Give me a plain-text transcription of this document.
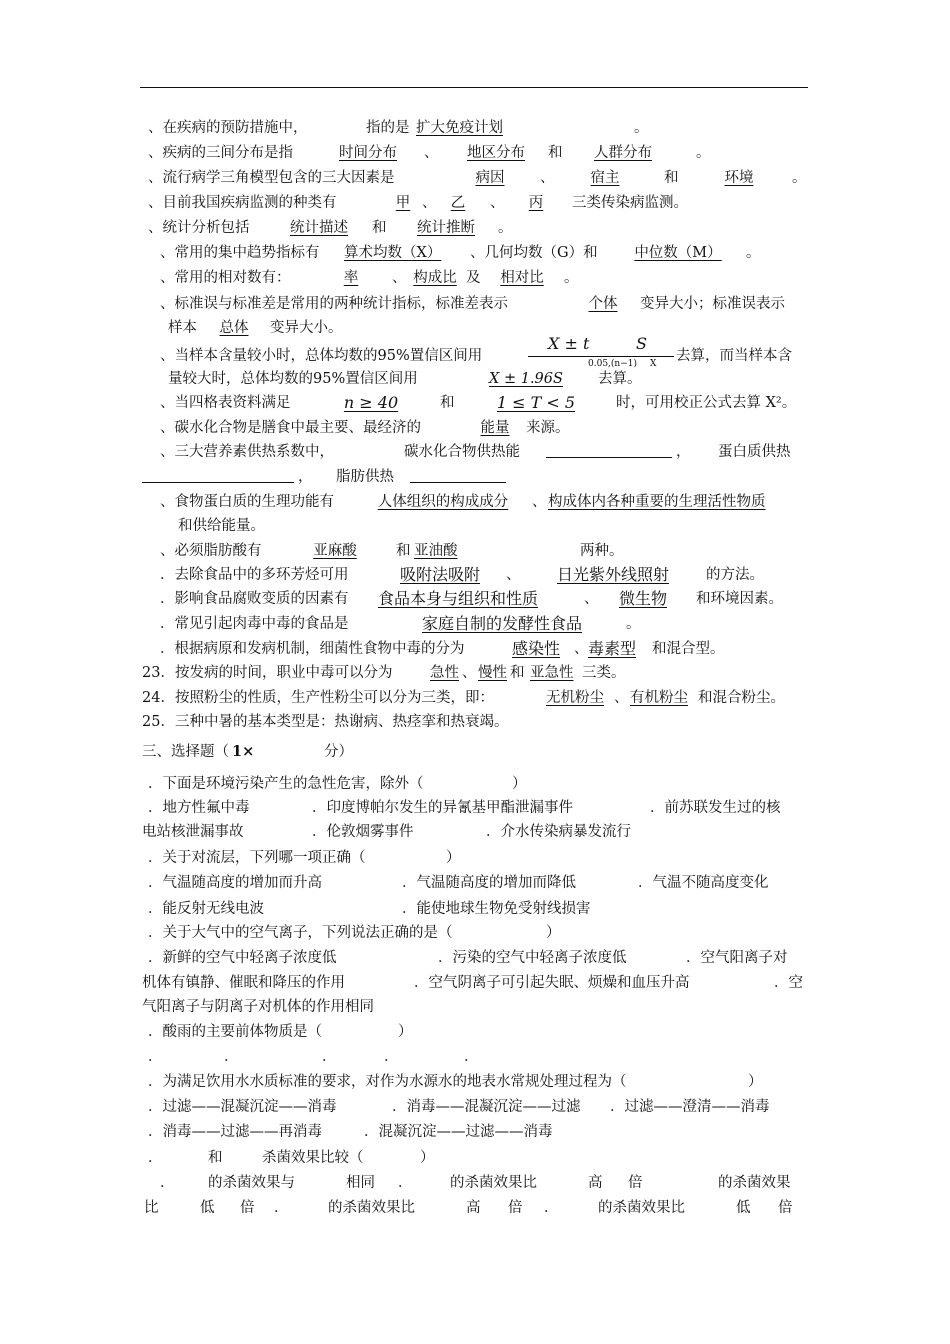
、在疾病的预防措施中，	指的是 扩大免疫计划	。
、疾病的三间分布是指	时间分布	、	地区分布	和	人群分布	。
、流行病学三角模型包含的三大因素是	病因	、	宿主	和	环境	。
、目前我国疾病监测的种类有	甲 、 乙	、	丙	三类传染病监测。
、统计分析包括	统计描述	和	统计推断	。
、常用的集中趋势指标有 算术均数（X）	、几何均数（G）和	中位数（M）	。
、常用的相对数有：	率	、 构成比 及	相对比	。
、标准误与标准差是常用的两种统计指标，标准差表示	个体	变异大小；标准误表示
样本	总体	变异大小。
、当样本含量较小时，总体均数的95%置信区间用
X ± t
0.05,(n−1)
S
X 去算，而当样本含
量较大时，总体均数的95%置信区间用	X ± 1.96S	去算。
、当四格表资料满足	n ≥ 40	和	1 ≤ T < 5	时，可用校正公式去算 X²。
、碳水化合物是膳食中最主要、最经济的	能量	来源。
、三大营养素供热系数中，	碳水化合物供热能	， 蛋白质供热
， 脂肪供热
、食物蛋白质的生理功能有	人体组织的构成成分	、 构成体内各种重要的生理活性物质
和供给能量。
、必须脂肪酸有	亚麻酸	和 亚油酸	两种。
．去除食品中的多环芳烃可用	吸附法吸附	、	日光紫外线照射	的方法。
．影响食品腐败变质的因素有 食品本身与组织和性质	、	微生物	和环境因素。
．常见引起肉毒中毒的食品是	家庭自制的发酵性食品	。
．根据病原和发病机制，细菌性食物中毒的分为	感染性 、 毒素型 和混合型。
23．按发病的时间，职业中毒可以分为	急性 、 慢性 和 亚急性 三类。
24．按照粉尘的性质，生产性粉尘可以分为三类，即：	无机粉尘 、 有机粉尘 和混合粉尘。
25．三种中暑的基本类型是：热谢病、热痉挛和热衰竭。
三、选择题（ 1×	分）
．下面是环境污染产生的急性危害，除外（	）
．地方性氟中毒	．印度博帕尔发生的异氰基甲酯泄漏事件	．前苏联发生过的核
电站核泄漏事故	．伦敦烟雾事件	．介水传染病暴发流行
．关于对流层，下列哪一项正确（	）
．气温随高度的增加而升高	．气温随高度的增加而降低	．气温不随高度变化
．能反射无线电波	．能使地球生物免受射线损害
．关于大气中的空气离子，下列说法正确的是（	）
．新鲜的空气中轻离子浓度低	．污染的空气中轻离子浓度低	．空气阳离子对
机体有镇静、催眠和降压的作用	．空气阴离子可引起失眠、烦燥和血压升高	．空
气阳离子与阴离子对机体的作用相同
．酸雨的主要前体物质是（	）
．	．	．	．	．
．为满足饮用水水质标准的要求，对作为水源水的地表水常规处理过程为（	）
．过滤——混凝沉淀——消毒	．消毒——混凝沉淀——过滤 ．过滤——澄清——消毒
．消毒——过滤——再消毒	．混凝沉淀——过滤——消毒
．	和	杀菌效果比较（	）
． 的杀菌效果与	相同 ．	的杀菌效果比	高 倍	的杀菌效果
比	低 倍 ．	的杀菌效果比	高 倍 ．	的杀菌效果比	低 倍
